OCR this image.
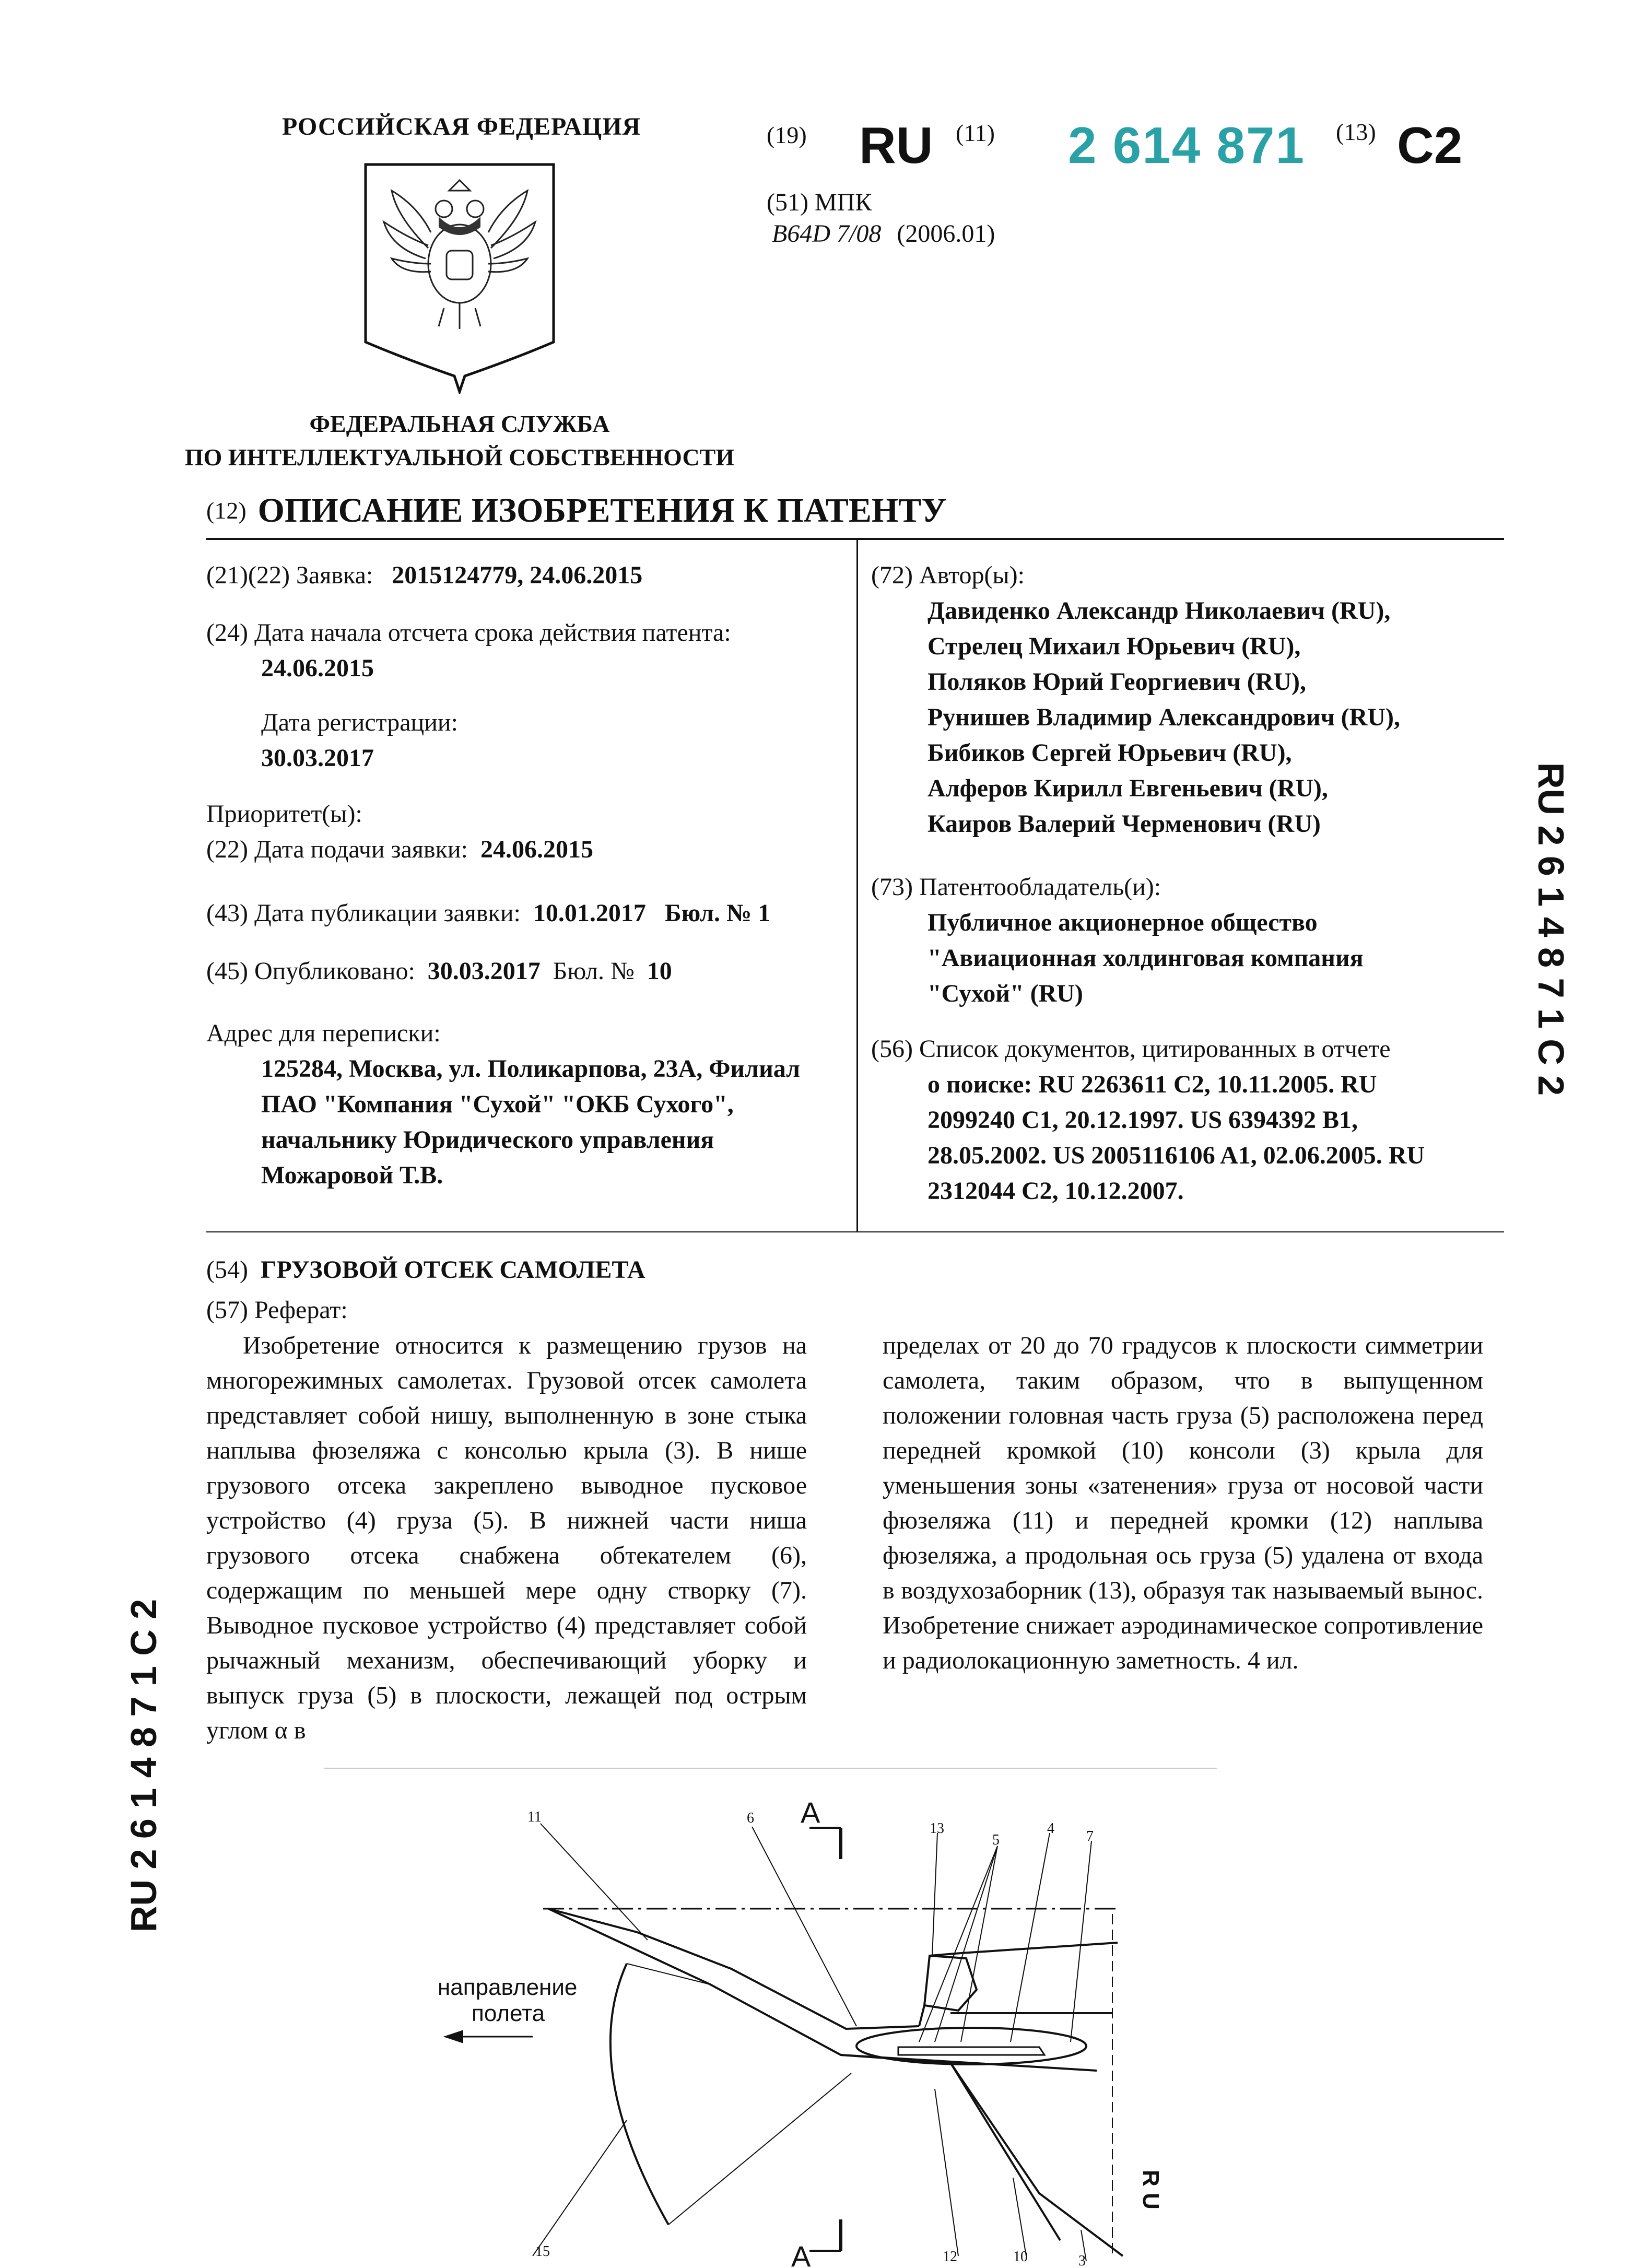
РОССИЙСКАЯ ФЕДЕРАЦИЯ
ФЕДЕРАЛЬНАЯ СЛУЖБА
ПО ИНТЕЛЛЕКТУАЛЬНОЙ СОБСТВЕННОСТИ
(19) RU (11) 2 614 871 (13) C2
(51) МПК
B64D 7/08 (2006.01)
(12) ОПИСАНИЕ ИЗОБРЕТЕНИЯ К ПАТЕНТУ
(21)(22) Заявка: 2015124779, 24.06.2015
(24) Дата начала отсчета срока действия патента:
24.06.2015
Дата регистрации:
30.03.2017
Приоритет(ы):
(22) Дата подачи заявки: 24.06.2015
(43) Дата публикации заявки: 10.01.2017 Бюл. № 1
(45) Опубликовано: 30.03.2017 Бюл. № 10
Адрес для переписки:
125284, Москва, ул. Поликарпова, 23А, Филиал
ПАО "Компания "Сухой" "ОКБ Сухого",
начальнику Юридического управления
Можаровой Т.В.
(72) Автор(ы):
Давиденко Александр Николаевич (RU),
Стрелец Михаил Юрьевич (RU),
Поляков Юрий Георгиевич (RU),
Рунишев Владимир Александрович (RU),
Бибиков Сергей Юрьевич (RU),
Алферов Кирилл Евгеньевич (RU),
Каиров Валерий Черменович (RU)
(73) Патентообладатель(и):
Публичное акционерное общество
"Авиационная холдинговая компания
"Сухой" (RU)
(56) Список документов, цитированных в отчете
о поиске: RU 2263611 C2, 10.11.2005. RU
2099240 C1, 20.12.1997. US 6394392 B1,
28.05.2002. US 2005116106 A1, 02.06.2005. RU
2312044 C2, 10.12.2007.
(54) ГРУЗОВОЙ ОТСЕК САМОЛЕТА
(57) Реферат:
Изобретение относится к размещению грузов на многорежимных самолетах. Грузовой отсек самолета представляет собой нишу, выполненную в зоне стыка наплыва фюзеляжа с консолью крыла (3). В нише грузового отсека закреплено выводное пусковое устройство (4) груза (5). В нижней части ниша грузового отсека снабжена обтекателем (6), содержащим по меньшей мере одну створку (7). Выводное пусковое устройство (4) представляет собой рычажный механизм, обеспечивающий уборку и выпуск груза (5) в плоскости, лежащей под острым углом α в
пределах от 20 до 70 градусов к плоскости симметрии самолета, таким образом, что в выпущенном положении головная часть груза (5) расположена перед передней кромкой (10) консоли (3) крыла для уменьшения зоны «затенения» груза от носовой части фюзеляжа (11) и передней кромки (12) наплыва фюзеляжа, а продольная ось груза (5) удалена от входа в воздухозаборник (13), образуя так называемый вынос. Изобретение снижает аэродинамическое сопротивление и радиолокационную заметность. 4 ил.
11	6
13
5
4 7
15	12	10	3
направление
полета
А
А
RU 2 6 1 4 8 7 1 C 2
RU 2 6 1 4 8 7 1 C 2
R U
